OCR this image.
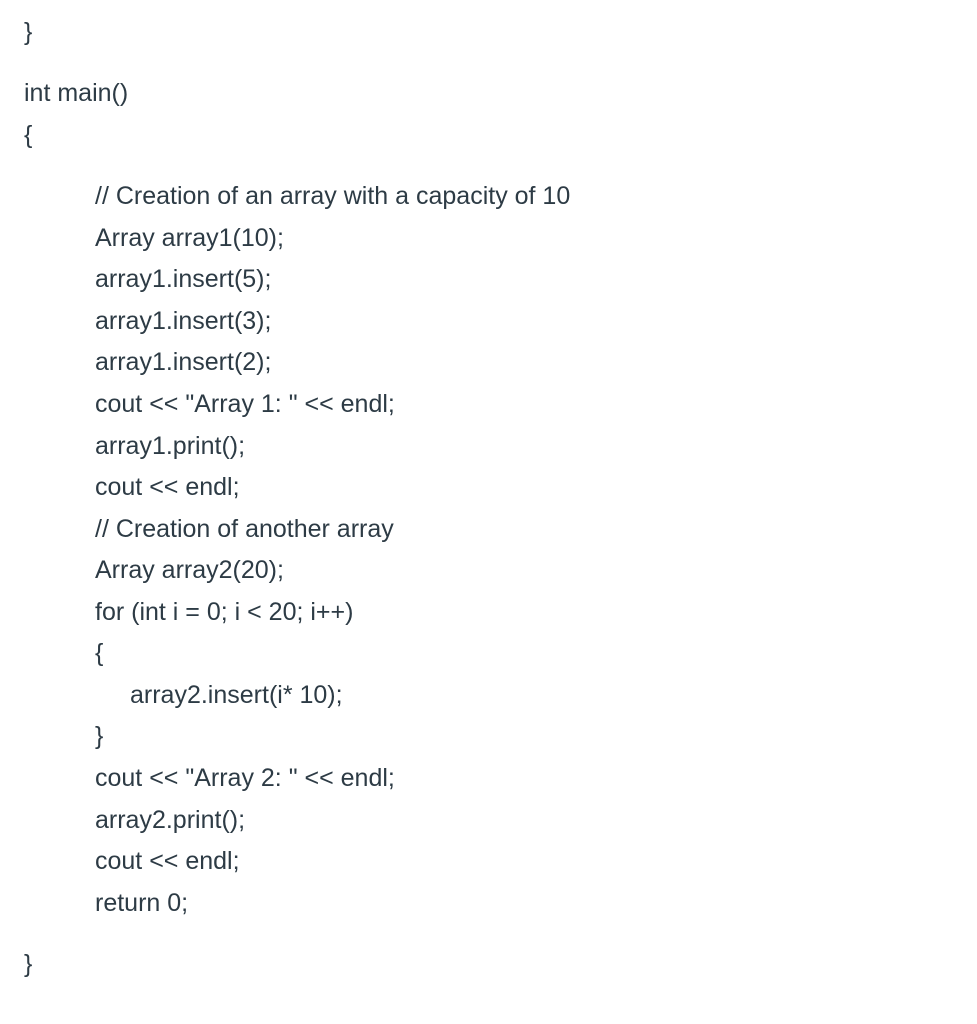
}

int main()

{

// Creation of an array with a capacity of 10

Array array1(10);

array1.insert(5);

array1.insert(3);

array1.insert(2);

cout << "Array 1: " << endl;

array1.print();

cout << endl;

// Creation of another array

Array array2(20);

for (int i = 0; i < 20; i++)

{

array2.insert(i* 10);

}

cout << "Array 2: " << endl;

array2.print();

cout << endl;

return 0;

}
